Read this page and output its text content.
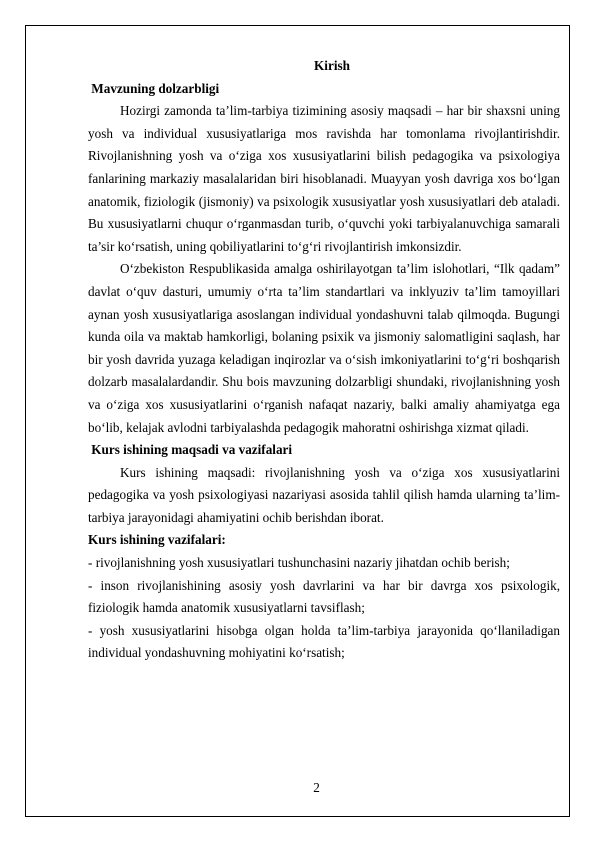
Kirish

Mavzuning dolzarbligi

Hozirgi zamonda ta’lim-tarbiya tizimining asosiy maqsadi – har bir shaxsni uning yosh va individual xususiyatlariga mos ravishda har tomonlama rivojlantirishdir. Rivojlanishning yosh va o‘ziga xos xususiyatlarini bilish pedagogika va psixologiya fanlarining markaziy masalalaridan biri hisoblanadi. Muayyan yosh davriga xos bo‘lgan anatomik, fiziologik (jismoniy) va psixologik xususiyatlar yosh xususiyatlari deb ataladi. Bu xususiyatlarni chuqur o‘rganmasdan turib, o‘quvchi yoki tarbiyalanuvchiga samarali ta’sir ko‘rsatish, uning qobiliyatlarini to‘g‘ri rivojlantirish imkonsizdir.

O‘zbekiston Respublikasida amalga oshirilayotgan ta’lim islohotlari, “Ilk qadam” davlat o‘quv dasturi, umumiy o‘rta ta’lim standartlari va inklyuziv ta’lim tamoyillari aynan yosh xususiyatlariga asoslangan individual yondashuvni talab qilmoqda. Bugungi kunda oila va maktab hamkorligi, bolaning psixik va jismoniy salomatligini saqlash, har bir yosh davrida yuzaga keladigan inqirozlar va o‘sish imkoniyatlarini to‘g‘ri boshqarish dolzarb masalalardandir. Shu bois mavzuning dolzarbligi shundaki, rivojlanishning yosh va o‘ziga xos xususiyatlarini o‘rganish nafaqat nazariy, balki amaliy ahamiyatga ega bo‘lib, kelajak avlodni tarbiyalashda pedagogik mahoratni oshirishga xizmat qiladi.

Kurs ishining maqsadi va vazifalari

Kurs ishining maqsadi: rivojlanishning yosh va o‘ziga xos xususiyatlarini pedagogika va yosh psixologiyasi nazariyasi asosida tahlil qilish hamda ularning ta’lim-tarbiya jarayonidagi ahamiyatini ochib berishdan iborat.

Kurs ishining vazifalari:

- rivojlanishning yosh xususiyatlari tushunchasini nazariy jihatdan ochib berish;

- inson rivojlanishining asosiy yosh davrlarini va har bir davrga xos psixologik, fiziologik hamda anatomik xususiyatlarni tavsiflash;

- yosh xususiyatlarini hisobga olgan holda ta’lim-tarbiya jarayonida qo‘llaniladigan individual yondashuvning mohiyatini ko‘rsatish;

2
